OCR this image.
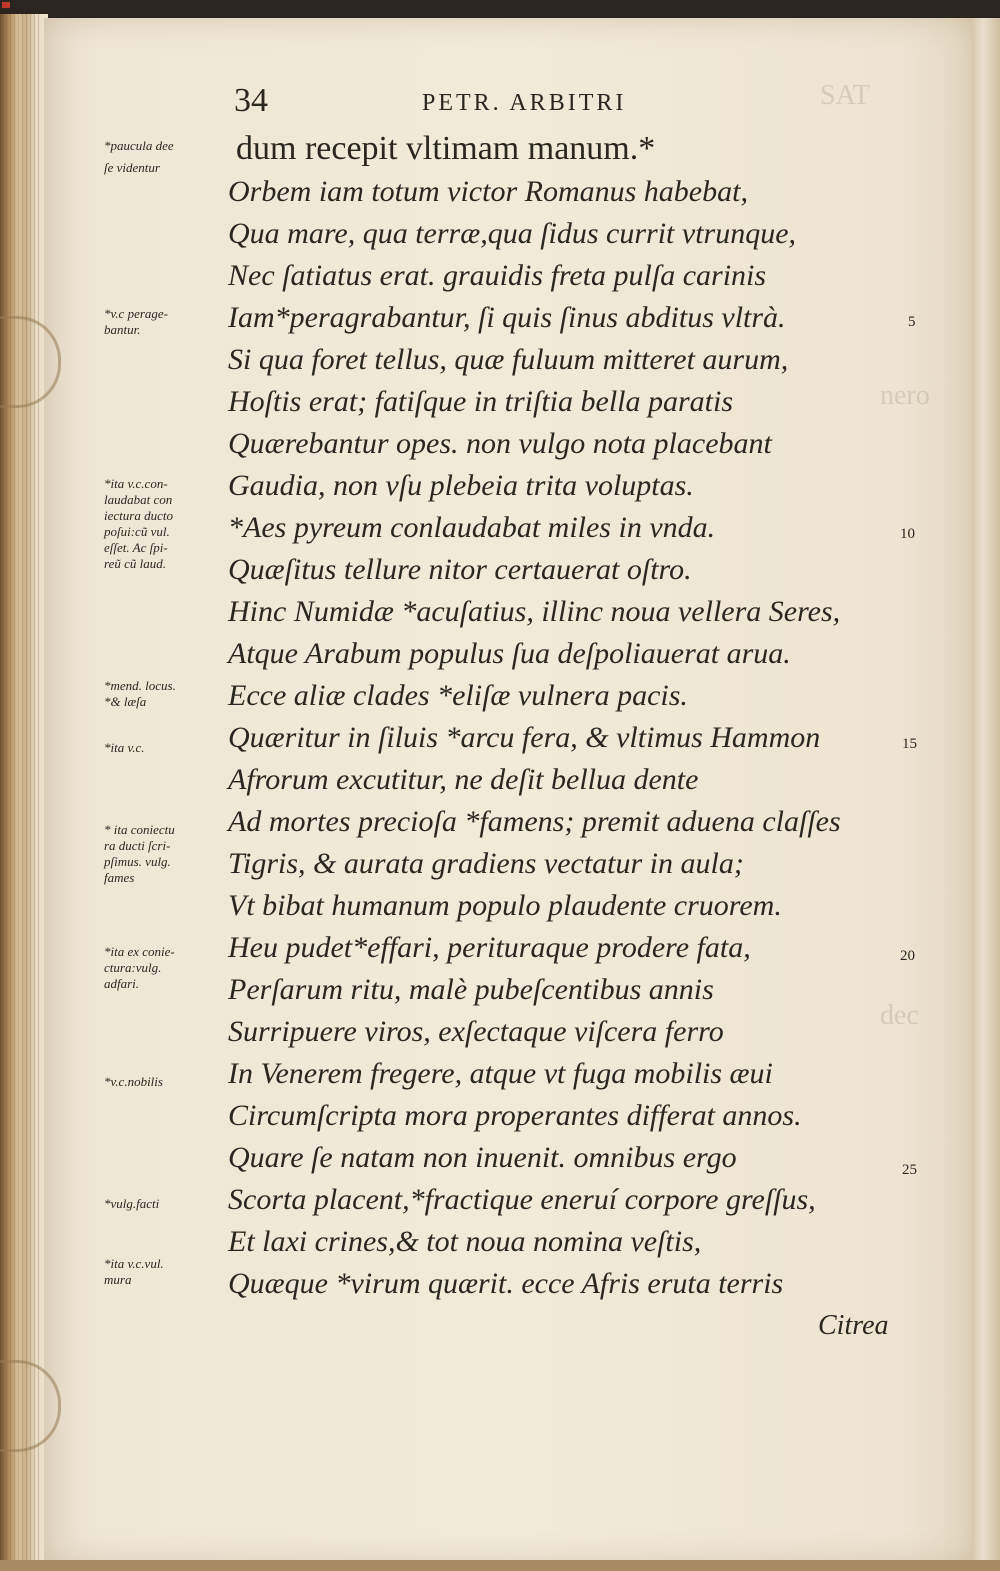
SAT
nero
dec
34	PETR. ARBITRI
dum recepit vltimam manum.*
Orbem iam totum victor Romanus habebat,
Qua mare, qua terræ,qua ſidus currit vtrunque,
Nec ſatiatus erat. grauidis freta pulſa carinis
Iam*peragrabantur, ſi quis ſinus abditus vltrà.
Si qua foret tellus, quæ fuluum mitteret aurum,
Hoſtis erat; fatiſque in triſtia bella paratis
Quærebantur opes. non vulgo nota placebant
Gaudia, non vſu plebeia trita voluptas.
*Aes pyreum conlaudabat miles in vnda.
Quæſitus tellure nitor certauerat oſtro.
Hinc Numidæ *acuſatius, illinc noua vellera Seres,
Atque Arabum populus ſua deſpoliauerat arua.
Ecce aliæ clades *eliſæ vulnera pacis.
Quæritur in ſiluis *arcu fera, & vltimus Hammon
Afrorum excutitur, ne deſit bellua dente
Ad mortes precioſa *famens; premit aduena claſſes
Tigris, & aurata gradiens vectatur in aula;
Vt bibat humanum populo plaudente cruorem.
Heu pudet*effari, perituraque prodere fata,
Perſarum ritu, malè pubeſcentibus annis
Surripuere viros, exſectaque viſcera ferro
In Venerem fregere, atque vt fuga mobilis æui
Circumſcripta mora properantes differat annos.
Quare ſe natam non inuenit. omnibus ergo
Scorta placent,*fractique eneruí corpore greſſus,
Et laxi crines,& tot noua nomina veſtis,
Quæque *virum quærit. ecce Afris eruta terris
Citrea
*paucula dee
ſe videntur
*v.c perage-
bantur.
*ita v.c.con-
laudabat con
iectura ducto
poſui:cũ vul.
eſſet. Ac ſpi-
reũ cũ laud.
*mend. locus.
*& læſa
*ita v.c.
* ita coniectu
ra ducti ſcri-
pſimus. vulg.
fames
*ita ex conie-
ctura:vulg.
adfari.
*v.c.nobilis
*vulg.facti
*ita v.c.vul.
mura
5
10
15
20
25
